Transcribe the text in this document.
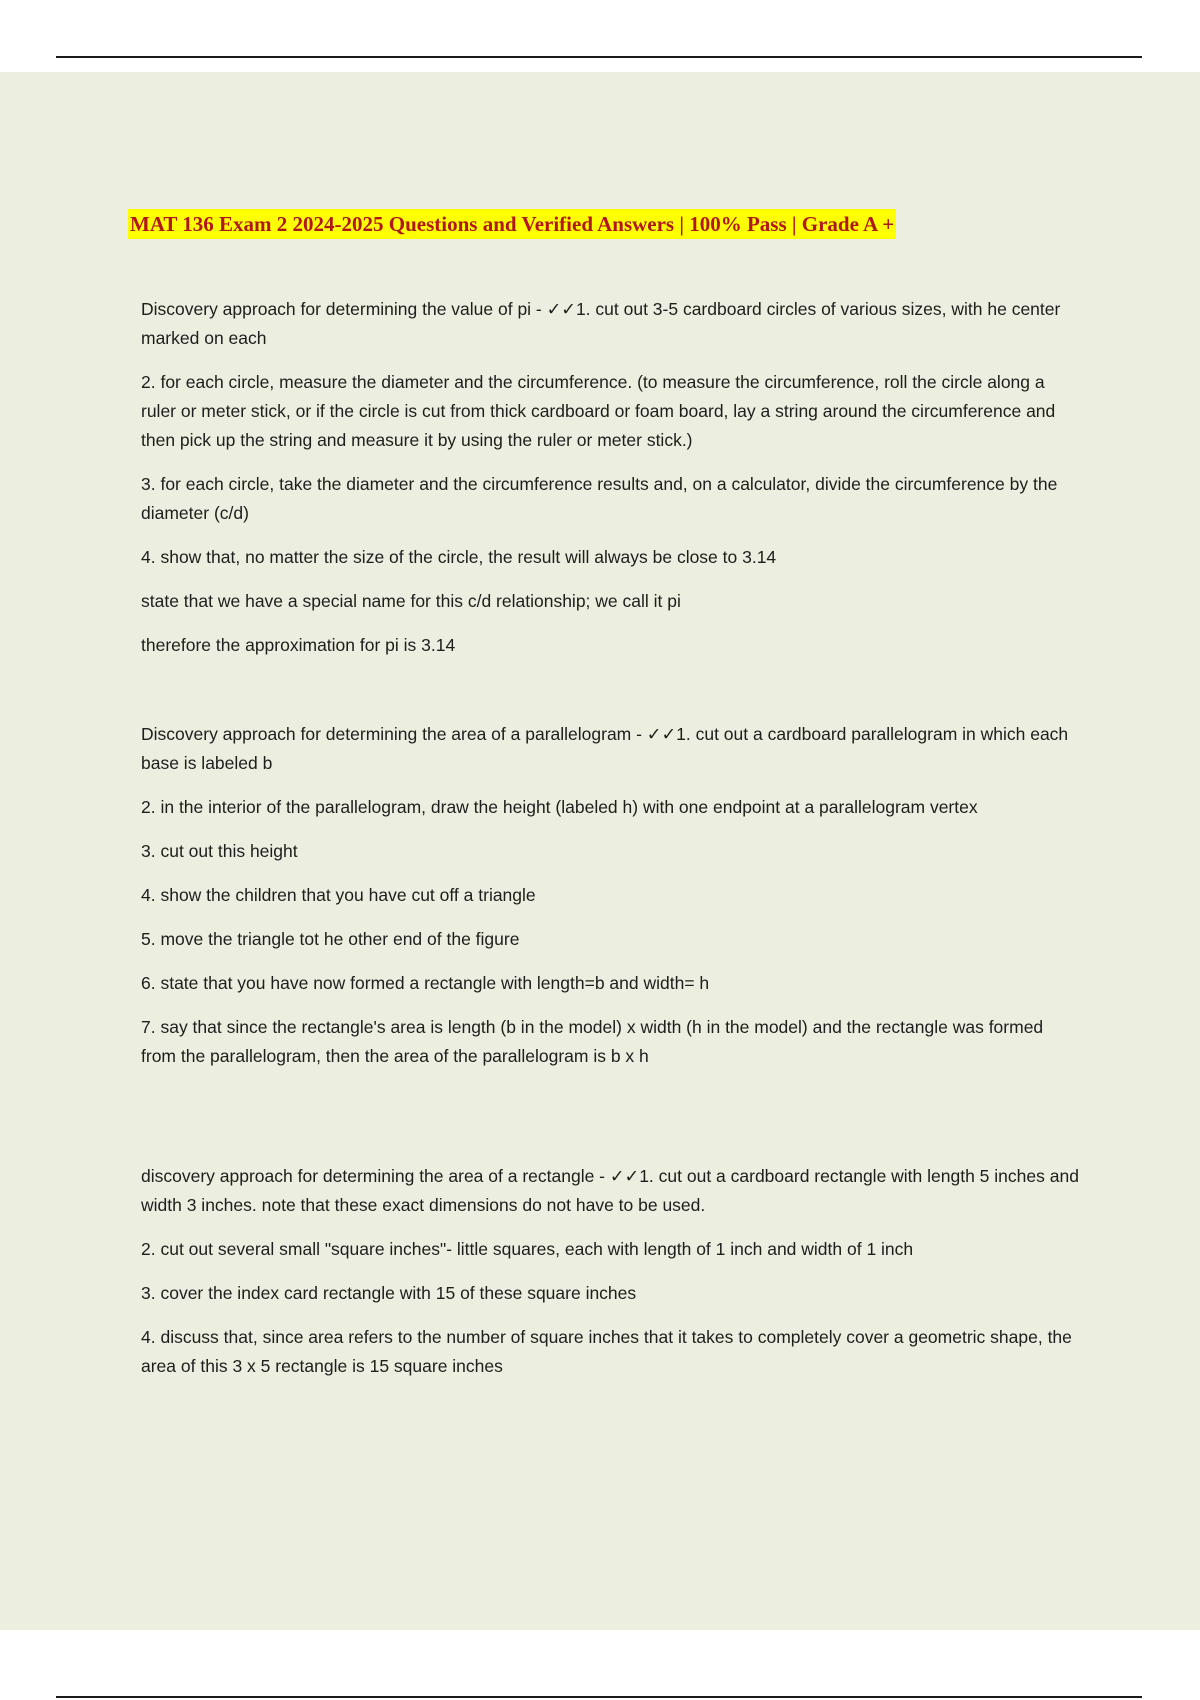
MAT 136 Exam 2 2024-2025 Questions and Verified Answers | 100% Pass | Grade A +

Discovery approach for determining the value of pi - ✓✓1. cut out 3-5 cardboard circles of various sizes, with he center marked on each

2. for each circle, measure the diameter and the circumference. (to measure the circumference, roll the circle along a ruler or meter stick, or if the circle is cut from thick cardboard or foam board, lay a string around the circumference and then pick up the string and measure it by using the ruler or meter stick.)

3. for each circle, take the diameter and the circumference results and, on a calculator, divide the circumference by the diameter (c/d)

4. show that, no matter the size of the circle, the result will always be close to 3.14

state that we have a special name for this c/d relationship; we call it pi

therefore the approximation for pi is 3.14

Discovery approach for determining the area of a parallelogram - ✓✓1. cut out a cardboard parallelogram in which each base is labeled b

2. in the interior of the parallelogram, draw the height (labeled h) with one endpoint at a parallelogram vertex

3. cut out this height

4. show the children that you have cut off a triangle

5. move the triangle tot he other end of the figure

6. state that you have now formed a rectangle with length=b and width= h

7. say that since the rectangle's area is length (b in the model) x width (h in the model) and the rectangle was formed from the parallelogram, then the area of the parallelogram is b x h

discovery approach for determining the area of a rectangle - ✓✓1. cut out a cardboard rectangle with length 5 inches and width 3 inches. note that these exact dimensions do not have to be used.

2. cut out several small "square inches"- little squares, each with length of 1 inch and width of 1 inch

3. cover the index card rectangle with 15 of these square inches

4. discuss that, since area refers to the number of square inches that it takes to completely cover a geometric shape, the area of this 3 x 5 rectangle is 15 square inches
